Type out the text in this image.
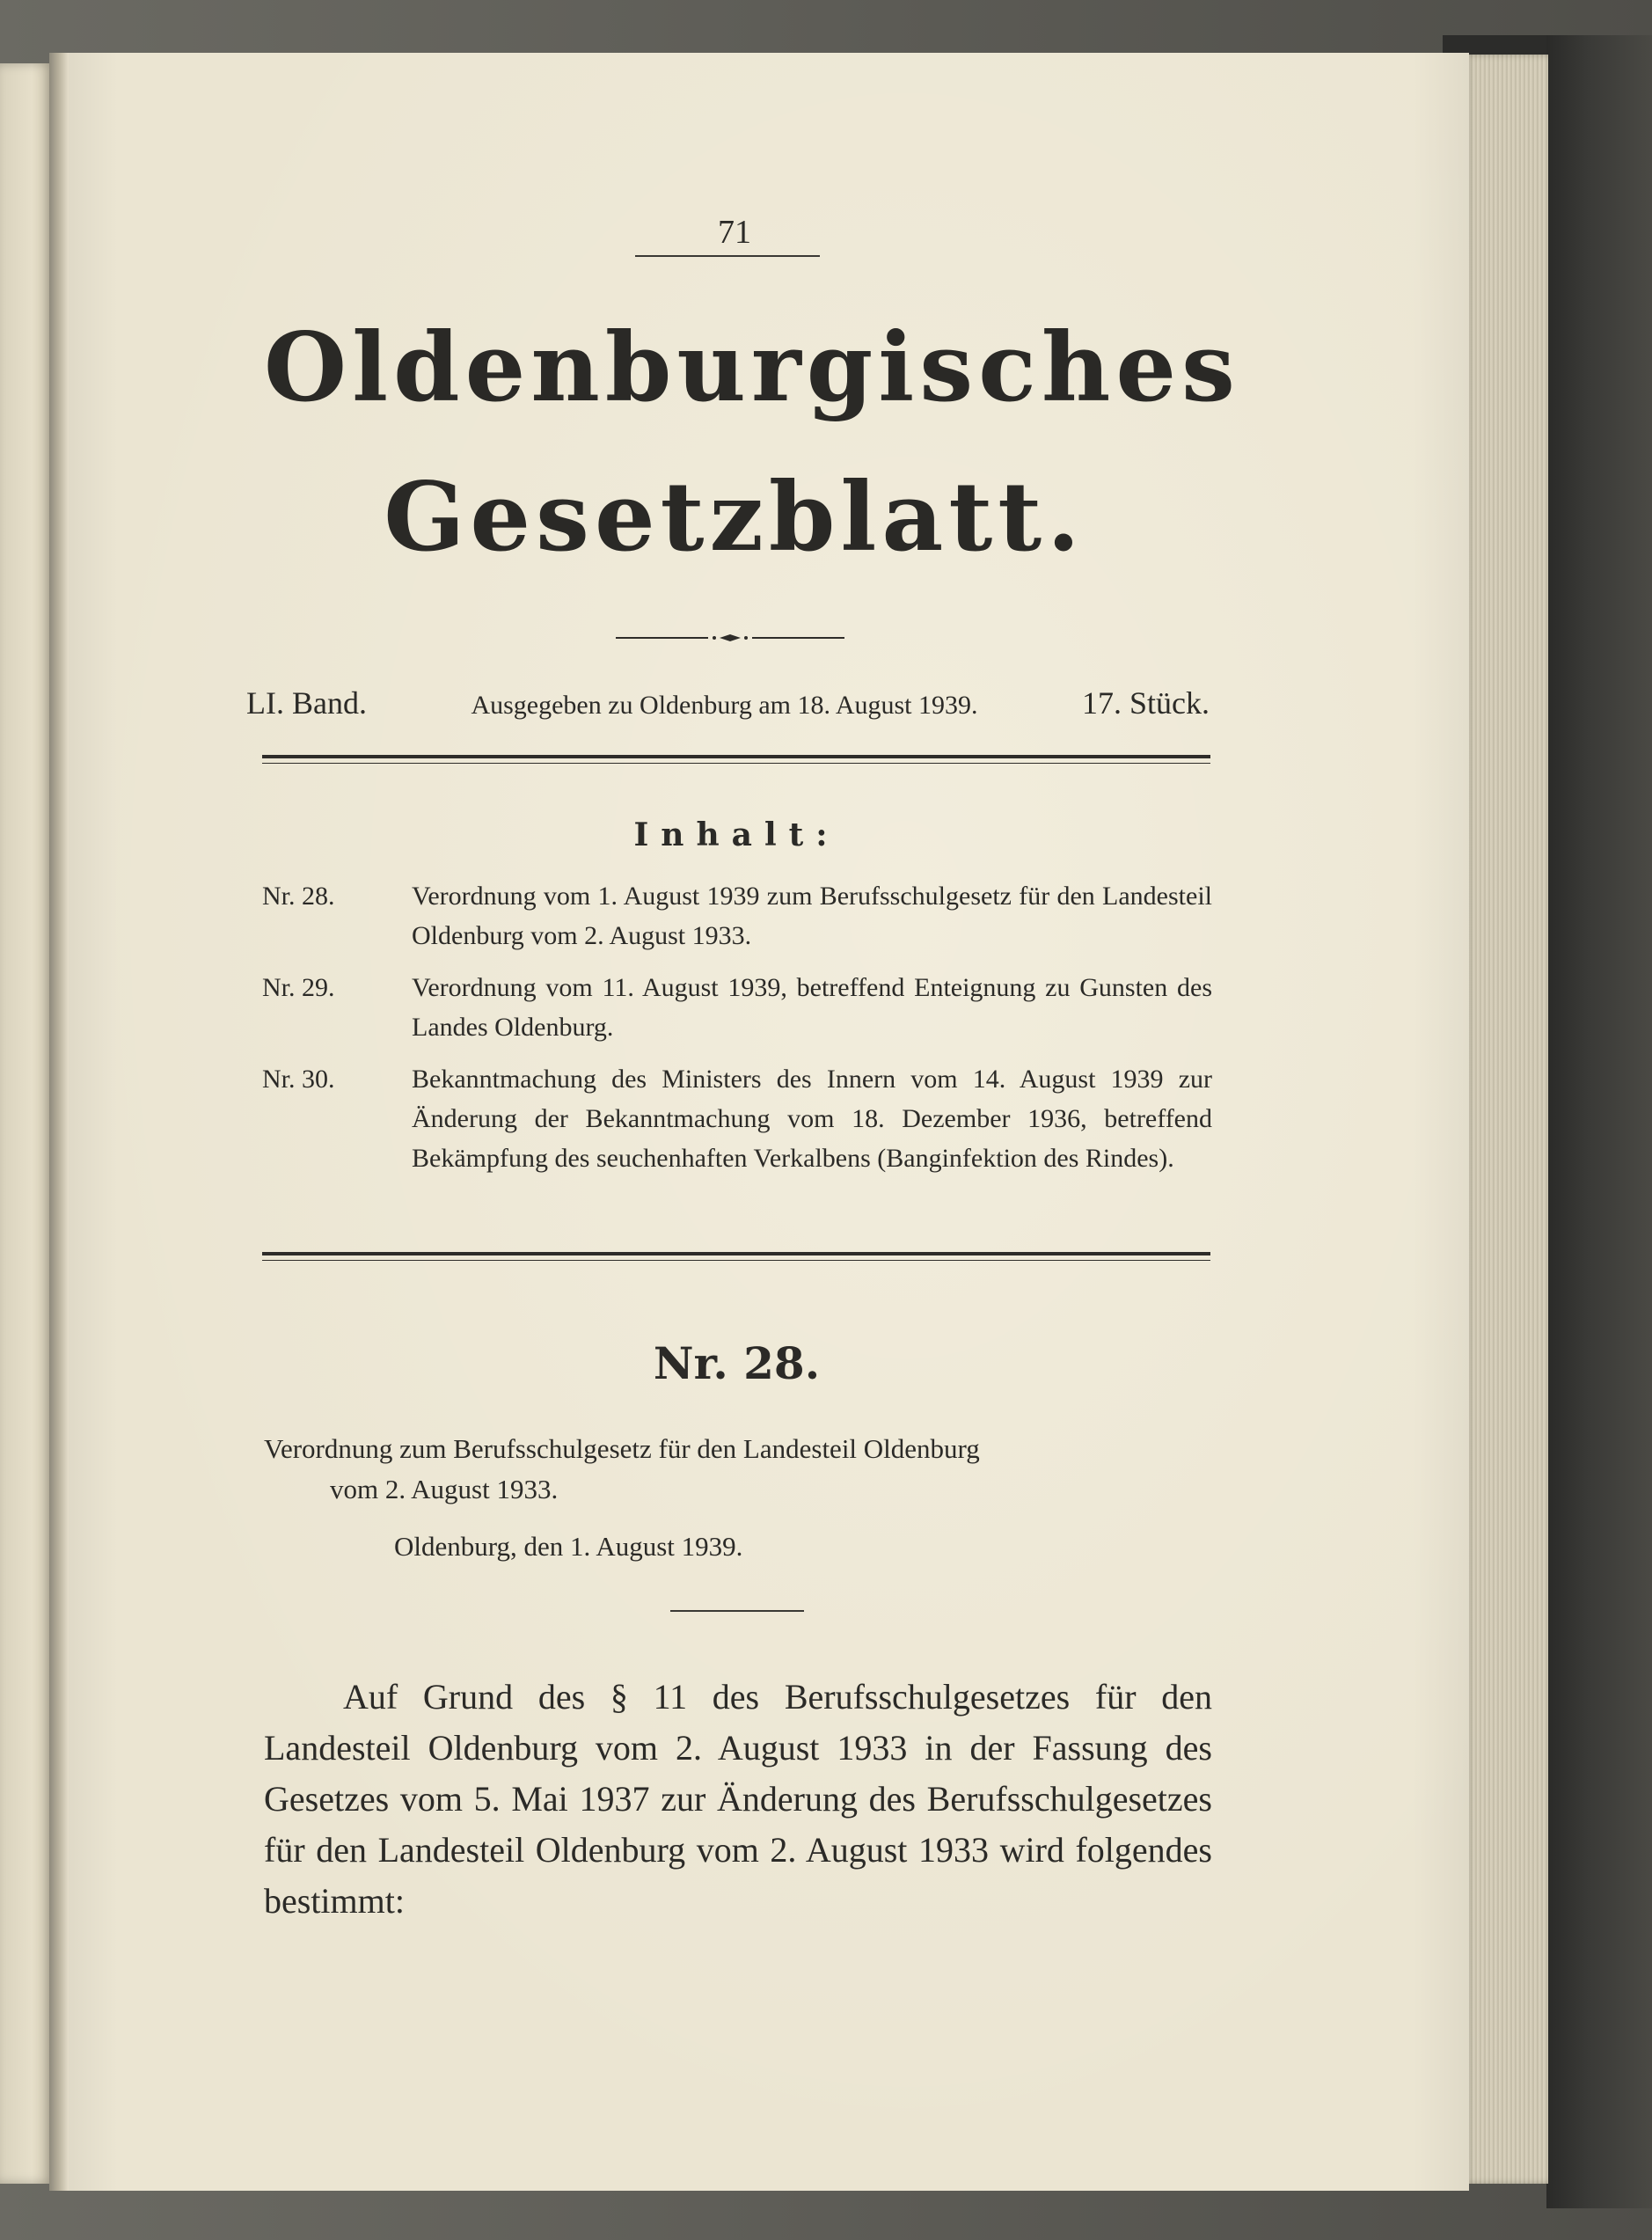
71
Oldenburgisches
Gesetzblatt.
LI. Band.	Ausgegeben zu Oldenburg am 18. August 1939.	17. Stück.
Inhalt:
Nr. 28.	Verordnung vom 1. August 1939 zum Berufsschulgesetz für den Landesteil Oldenburg vom 2. August 1933.
Nr. 29.	Verordnung vom 11. August 1939, betreffend Enteignung zu Gunsten des Landes Oldenburg.
Nr. 30.	Bekanntmachung des Ministers des Innern vom 14. August 1939 zur Änderung der Bekanntmachung vom 18. Dezember 1936, betreffend Bekämpfung des seuchenhaften Verkalbens (Banginfektion des Rindes).
Nr. 28.
Verordnung zum Berufsschulgesetz für den Landesteil Oldenburg
vom 2. August 1933.
Oldenburg, den 1. August 1939.
Auf Grund des § 11 des Berufsschulgesetzes für den Landesteil Oldenburg vom 2. August 1933 in der Fassung des Gesetzes vom 5. Mai 1937 zur Änderung des Berufsschulgesetzes für den Landesteil Oldenburg vom 2. August 1933 wird folgendes bestimmt:
